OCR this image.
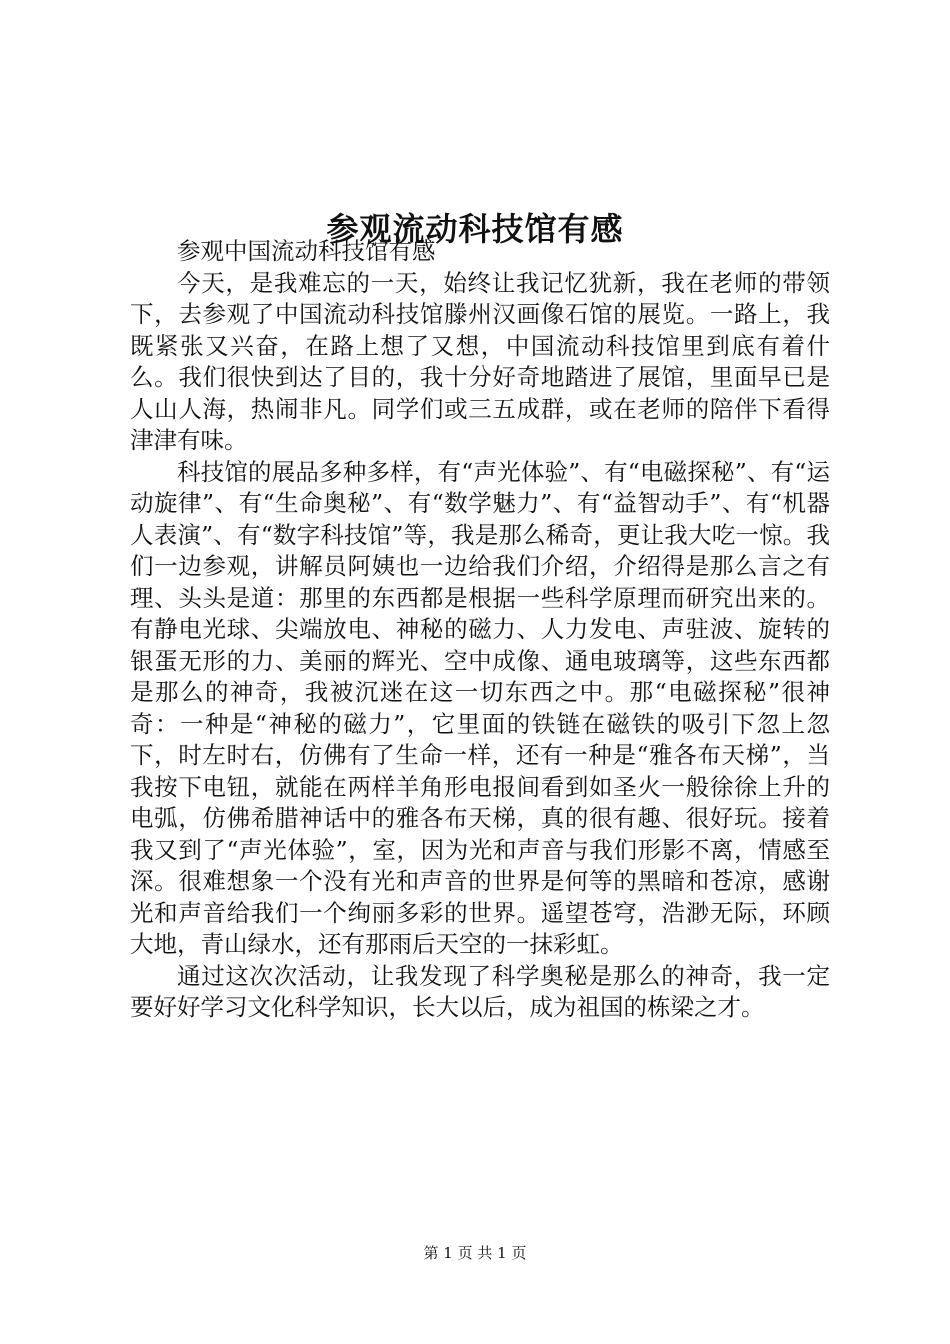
参观流动科技馆有感

参观中国流动科技馆有感

今天，是我难忘的一天，始终让我记忆犹新，我在老师的带领下，去参观了中国流动科技馆滕州汉画像石馆的展览。一路上，我既紧张又兴奋，在路上想了又想，中国流动科技馆里到底有着什么。我们很快到达了目的，我十分好奇地踏进了展馆，里面早已是人山人海，热闹非凡。同学们或三五成群，或在老师的陪伴下看得津津有味。

科技馆的展品多种多样，有“声光体验”、有“电磁探秘”、有“运动旋律”、有“生命奥秘”、有“数学魅力”、有“益智动手”、有“机器人表演”、有“数字科技馆”等，我是那么稀奇，更让我大吃一惊。我们一边参观，讲解员阿姨也一边给我们介绍，介绍得是那么言之有理、头头是道：那里的东西都是根据一些科学原理而研究出来的。有静电光球、尖端放电、神秘的磁力、人力发电、声驻波、旋转的银蛋无形的力、美丽的辉光、空中成像、通电玻璃等，这些东西都是那么的神奇，我被沉迷在这一切东西之中。那“电磁探秘”很神奇：一种是“神秘的磁力”，它里面的铁链在磁铁的吸引下忽上忽下，时左时右，仿佛有了生命一样，还有一种是“雅各布天梯”，当我按下电钮，就能在两样羊角形电报间看到如圣火一般徐徐上升的电弧，仿佛希腊神话中的雅各布天梯，真的很有趣、很好玩。接着我又到了“声光体验”，室，因为光和声音与我们形影不离，情感至深。很难想象一个没有光和声音的世界是何等的黑暗和苍凉，感谢光和声音给我们一个绚丽多彩的世界。遥望苍穹，浩渺无际，环顾大地，青山绿水，还有那雨后天空的一抹彩虹。

通过这次次活动，让我发现了科学奥秘是那么的神奇，我一定要好好学习文化科学知识，长大以后，成为祖国的栋梁之才。

第 1 页 共 1 页
